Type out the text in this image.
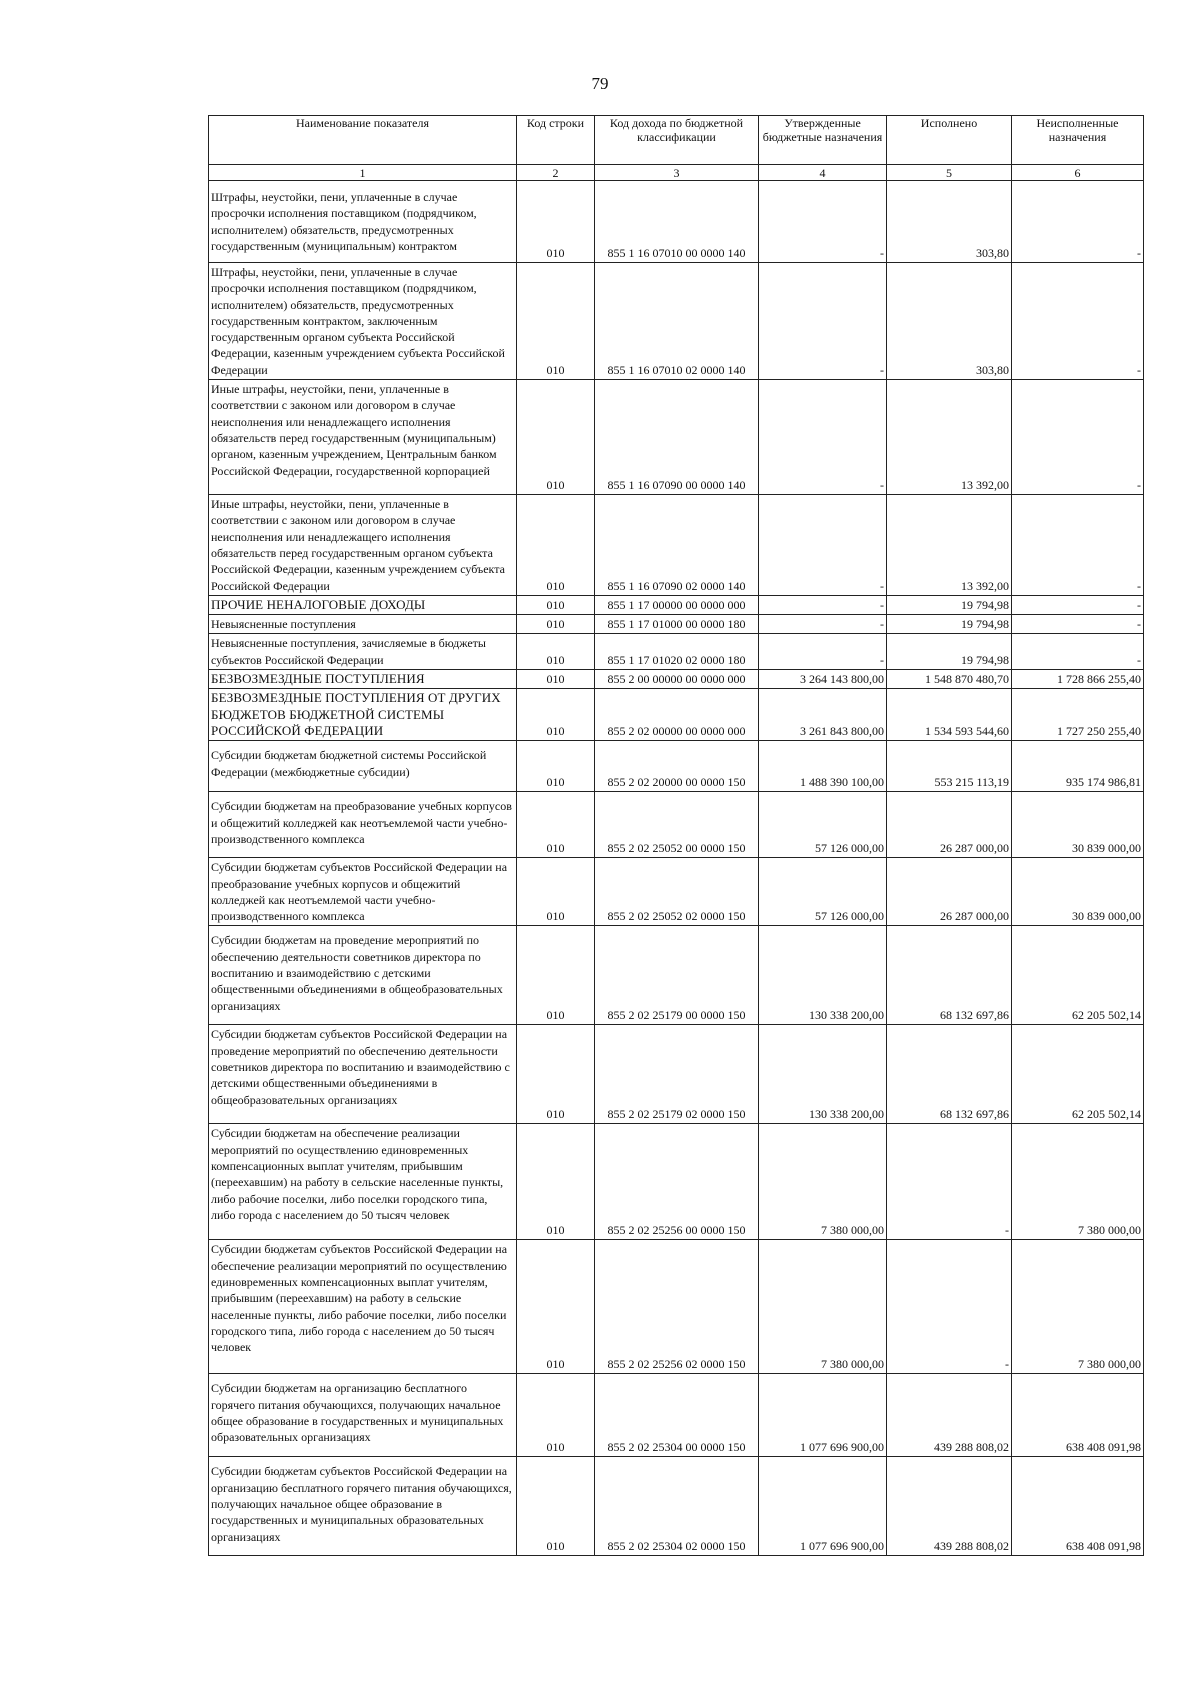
79
Наименование показателя	Код строки	Код дохода по бюджетной классификации	Утвержденные бюджетные назначения	Исполнено	Неисполненные назначения
1	2	3	4	5	6
Штрафы, неустойки, пени, уплаченные в случае просрочки исполнения поставщиком (подрядчиком, исполнителем) обязательств, предусмотренных государственным (муниципальным) контрактом	010	855 1 16 07010 00 0000 140	-	303,80	-
Штрафы, неустойки, пени, уплаченные в случае просрочки исполнения поставщиком (подрядчиком, исполнителем) обязательств, предусмотренных государственным контрактом, заключенным государственным органом субъекта Российской Федерации, казенным учреждением субъекта Российской Федерации	010	855 1 16 07010 02 0000 140	-	303,80	-
Иные штрафы, неустойки, пени, уплаченные в соответствии с законом или договором в случае неисполнения или ненадлежащего исполнения обязательств перед государственным (муниципальным) органом, казенным учреждением, Центральным банком Российской Федерации, государственной корпорацией	010	855 1 16 07090 00 0000 140	-	13 392,00	-
Иные штрафы, неустойки, пени, уплаченные в соответствии с законом или договором в случае неисполнения или ненадлежащего исполнения обязательств перед государственным органом субъекта Российской Федерации, казенным учреждением субъекта Российской Федерации	010	855 1 16 07090 02 0000 140	-	13 392,00	-
ПРОЧИЕ НЕНАЛОГОВЫЕ ДОХОДЫ	010	855 1 17 00000 00 0000 000	-	19 794,98	-
Невыясненные поступления	010	855 1 17 01000 00 0000 180	-	19 794,98	-
Невыясненные поступления, зачисляемые в бюджеты субъектов Российской Федерации	010	855 1 17 01020 02 0000 180	-	19 794,98	-
БЕЗВОЗМЕЗДНЫЕ ПОСТУПЛЕНИЯ	010	855 2 00 00000 00 0000 000	3 264 143 800,00	1 548 870 480,70	1 728 866 255,40
БЕЗВОЗМЕЗДНЫЕ ПОСТУПЛЕНИЯ ОТ ДРУГИХ БЮДЖЕТОВ БЮДЖЕТНОЙ СИСТЕМЫ РОССИЙСКОЙ ФЕДЕРАЦИИ	010	855 2 02 00000 00 0000 000	3 261 843 800,00	1 534 593 544,60	1 727 250 255,40
Субсидии бюджетам бюджетной системы Российской Федерации (межбюджетные субсидии)	010	855 2 02 20000 00 0000 150	1 488 390 100,00	553 215 113,19	935 174 986,81
Субсидии бюджетам на преобразование учебных корпусов и общежитий колледжей как неотъемлемой части учебно-производственного комплекса	010	855 2 02 25052 00 0000 150	57 126 000,00	26 287 000,00	30 839 000,00
Субсидии бюджетам субъектов Российской Федерации на преобразование учебных корпусов и общежитий колледжей как неотъемлемой части учебно-производственного комплекса	010	855 2 02 25052 02 0000 150	57 126 000,00	26 287 000,00	30 839 000,00
Субсидии бюджетам на проведение мероприятий по обеспечению деятельности советников директора по воспитанию и взаимодействию с детскими общественными объединениями в общеобразовательных организациях	010	855 2 02 25179 00 0000 150	130 338 200,00	68 132 697,86	62 205 502,14
Субсидии бюджетам субъектов Российской Федерации на проведение мероприятий по обеспечению деятельности советников директора по воспитанию и взаимодействию с детскими общественными объединениями в общеобразовательных организациях	010	855 2 02 25179 02 0000 150	130 338 200,00	68 132 697,86	62 205 502,14
Субсидии бюджетам на обеспечение реализации мероприятий по осуществлению единовременных компенсационных выплат учителям, прибывшим (переехавшим) на работу в сельские населенные пункты, либо рабочие поселки, либо поселки городского типа, либо города с населением до 50 тысяч человек	010	855 2 02 25256 00 0000 150	7 380 000,00	-	7 380 000,00
Субсидии бюджетам субъектов Российской Федерации на обеспечение реализации мероприятий по осуществлению единовременных компенсационных выплат учителям, прибывшим (переехавшим) на работу в сельские населенные пункты, либо рабочие поселки, либо поселки городского типа, либо города с населением до 50 тысяч человек	010	855 2 02 25256 02 0000 150	7 380 000,00	-	7 380 000,00
Субсидии бюджетам на организацию бесплатного горячего питания обучающихся, получающих начальное общее образование в государственных и муниципальных образовательных организациях	010	855 2 02 25304 00 0000 150	1 077 696 900,00	439 288 808,02	638 408 091,98
Субсидии бюджетам субъектов Российской Федерации на организацию бесплатного горячего питания обучающихся, получающих начальное общее образование в государственных и муниципальных образовательных организациях	010	855 2 02 25304 02 0000 150	1 077 696 900,00	439 288 808,02	638 408 091,98
